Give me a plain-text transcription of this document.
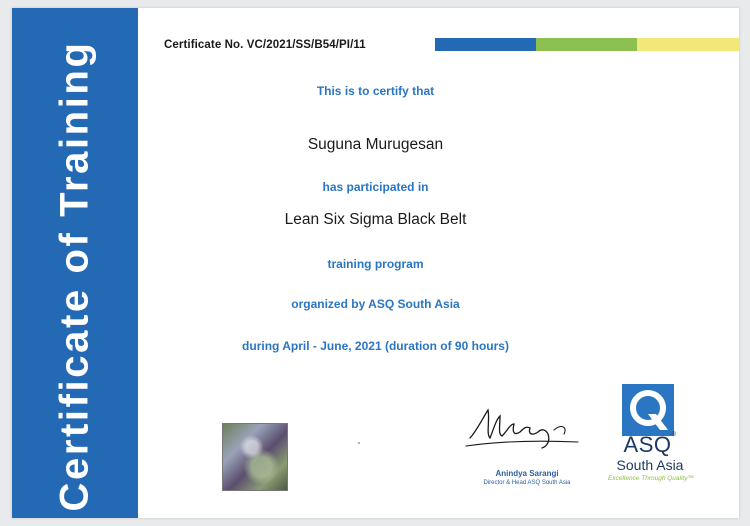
Certificate of Training	Certificate No. VC/2021/SS/B54/PI/11
This is to certify that
Suguna Murugesan
has participated in
Lean Six Sigma Black Belt
training program
organized by ASQ South Asia
during April - June, 2021 (duration of 90 hours)
Anindya Sarangi
Director & Head ASQ South Asia
ASQ®
South Asia
Excellence Through Quality™
